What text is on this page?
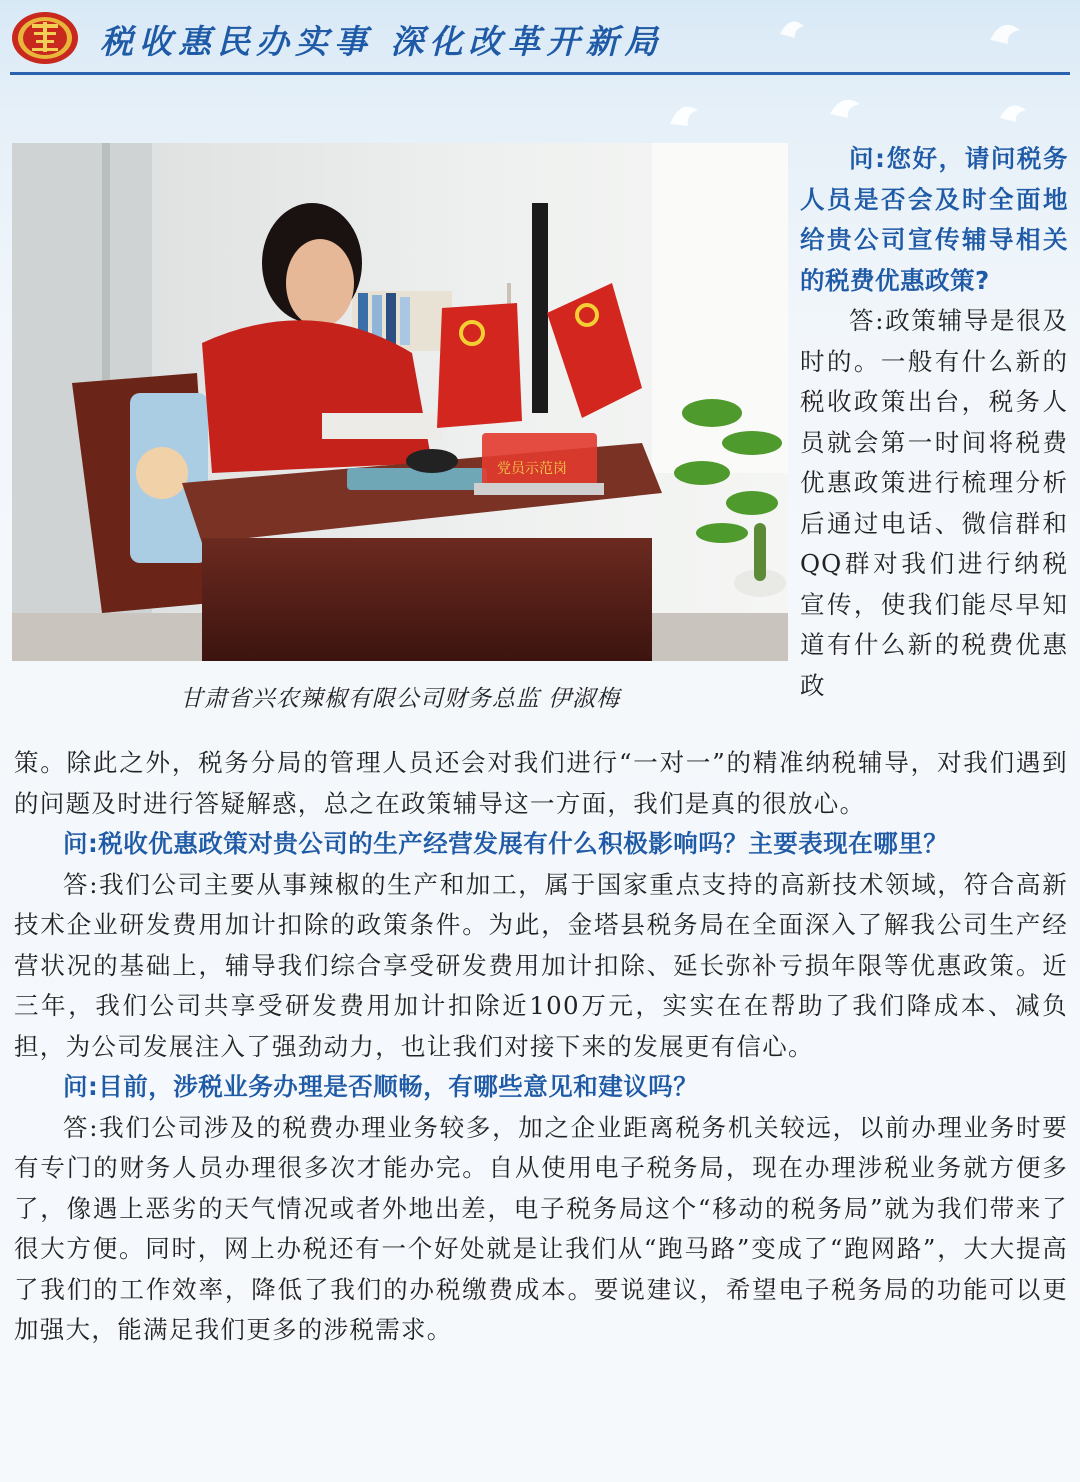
税收惠民办实事 深化改革开新局
党员示范岗
甘肃省兴农辣椒有限公司财务总监 伊淑梅

问:您好，请问税务人员是否会及时全面地给贵公司宣传辅导相关的税费优惠政策?

答:政策辅导是很及时的。一般有什么新的税收政策出台，税务人员就会第一时间将税费优惠政策进行梳理分析后通过电话、微信群和QQ群对我们进行纳税宣传，使我们能尽早知道有什么新的税费优惠政

策。除此之外，税务分局的管理人员还会对我们进行“一对一”的精准纳税辅导，对我们遇到的问题及时进行答疑解惑，总之在政策辅导这一方面，我们是真的很放心。

问:税收优惠政策对贵公司的生产经营发展有什么积极影响吗？主要表现在哪里？

答:我们公司主要从事辣椒的生产和加工，属于国家重点支持的高新技术领域，符合高新技术企业研发费用加计扣除的政策条件。为此，金塔县税务局在全面深入了解我公司生产经营状况的基础上，辅导我们综合享受研发费用加计扣除、延长弥补亏损年限等优惠政策。近三年，我们公司共享受研发费用加计扣除近100万元，实实在在帮助了我们降成本、减负担，为公司发展注入了强劲动力，也让我们对接下来的发展更有信心。

问:目前，涉税业务办理是否顺畅，有哪些意见和建议吗？

答:我们公司涉及的税费办理业务较多，加之企业距离税务机关较远，以前办理业务时要有专门的财务人员办理很多次才能办完。自从使用电子税务局，现在办理涉税业务就方便多了，像遇上恶劣的天气情况或者外地出差，电子税务局这个“移动的税务局”就为我们带来了很大方便。同时，网上办税还有一个好处就是让我们从“跑马路”变成了“跑网路”，大大提高了我们的工作效率，降低了我们的办税缴费成本。要说建议，希望电子税务局的功能可以更加强大，能满足我们更多的涉税需求。
